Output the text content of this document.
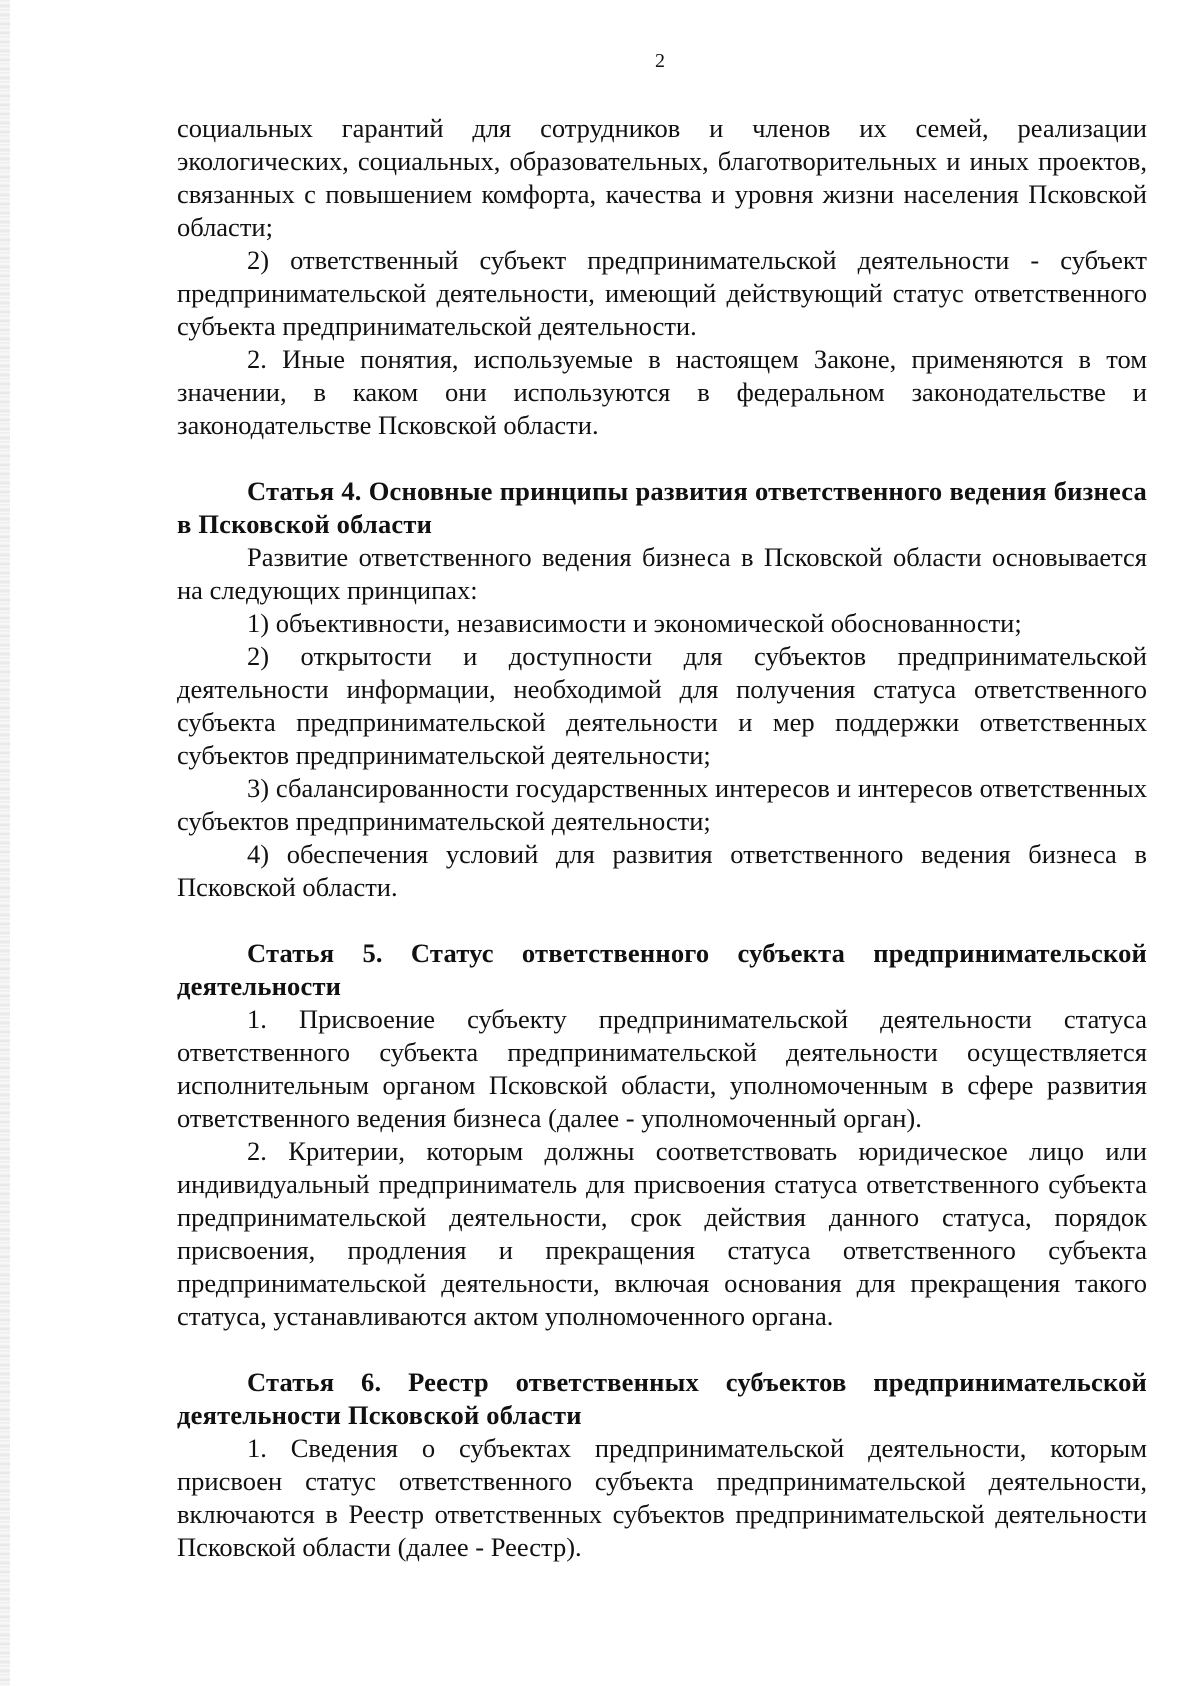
2

социальных гарантий для сотрудников и членов их семей, реализации экологических, социальных, образовательных, благотворительных и иных проектов, связанных с повышением комфорта, качества и уровня жизни населения Псковской области;

2) ответственный субъект предпринимательской деятельности - субъект предпринимательской деятельности, имеющий действующий статус ответственного субъекта предпринимательской деятельности.

2. Иные понятия, используемые в настоящем Законе, применяются в том значении, в каком они используются в федеральном законодательстве и законодательстве Псковской области.

Статья 4. Основные принципы развития ответственного ведения бизнеса в Псковской области

Развитие ответственного ведения бизнеса в Псковской области основывается на следующих принципах:

1) объективности, независимости и экономической обоснованности;

2) открытости и доступности для субъектов предпринимательской деятельности информации, необходимой для получения статуса ответственного субъекта предпринимательской деятельности и мер поддержки ответственных субъектов предпринимательской деятельности;

3) сбалансированности государственных интересов и интересов ответственных субъектов предпринимательской деятельности;

4) обеспечения условий для развития ответственного ведения бизнеса в Псковской области.

Статья 5. Статус ответственного субъекта предпринимательской деятельности

1. Присвоение субъекту предпринимательской деятельности статуса ответственного субъекта предпринимательской деятельности осуществляется исполнительным органом Псковской области, уполномоченным в сфере развития ответственного ведения бизнеса (далее - уполномоченный орган).

2. Критерии, которым должны соответствовать юридическое лицо или индивидуальный предприниматель для присвоения статуса ответственного субъекта предпринимательской деятельности, срок действия данного статуса, порядок присвоения, продления и прекращения статуса ответственного субъекта предпринимательской деятельности, включая основания для прекращения такого статуса, устанавливаются актом уполномоченного органа.

Статья 6. Реестр ответственных субъектов предпринимательской деятельности Псковской области

1. Сведения о субъектах предпринимательской деятельности, которым присвоен статус ответственного субъекта предпринимательской деятельности, включаются в Реестр ответственных субъектов предпринимательской деятельности Псковской области (далее - Реестр).
